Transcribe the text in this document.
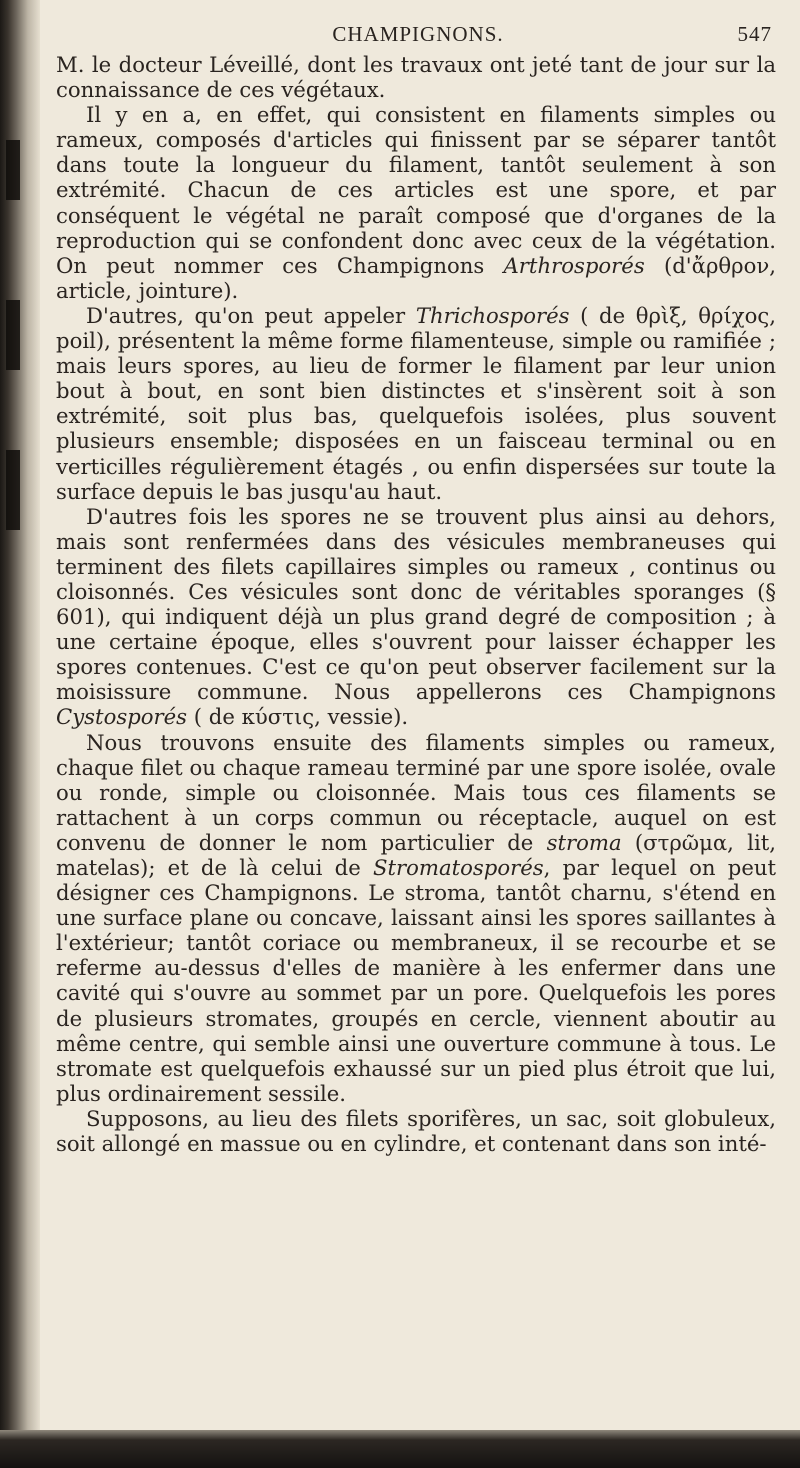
CHAMPIGNONS.	547

M. le docteur Léveillé, dont les travaux ont jeté tant de jour sur la connaissance de ces végétaux.

Il y en a, en effet, qui consistent en filaments simples ou rameux, composés d'articles qui finissent par se séparer tantôt dans toute la longueur du filament, tantôt seulement à son extrémité. Chacun de ces articles est une spore, et par conséquent le végétal ne paraît composé que d'organes de la reproduction qui se confondent donc avec ceux de la végétation. On peut nommer ces Champignons Arthrosporés (d'ἄρθρον, article, jointure).

D'autres, qu'on peut appeler Thrichosporés ( de θρὶξ, θρίχος, poil), présentent la même forme filamenteuse, simple ou ramifiée ; mais leurs spores, au lieu de former le filament par leur union bout à bout, en sont bien distinctes et s'insèrent soit à son extrémité, soit plus bas, quelquefois isolées, plus souvent plusieurs ensemble; disposées en un faisceau terminal ou en verticilles régulièrement étagés , ou enfin dispersées sur toute la surface depuis le bas jusqu'au haut.

D'autres fois les spores ne se trouvent plus ainsi au dehors, mais sont renfermées dans des vésicules membraneuses qui terminent des filets capillaires simples ou rameux , continus ou cloisonnés. Ces vésicules sont donc de véritables sporanges (§ 601), qui indiquent déjà un plus grand degré de composition ; à une certaine époque, elles s'ouvrent pour laisser échapper les spores contenues. C'est ce qu'on peut observer facilement sur la moisissure commune. Nous appellerons ces Champignons Cystosporés ( de κύστις, vessie).

Nous trouvons ensuite des filaments simples ou rameux, chaque filet ou chaque rameau terminé par une spore isolée, ovale ou ronde, simple ou cloisonnée. Mais tous ces filaments se rattachent à un corps commun ou réceptacle, auquel on est convenu de donner le nom particulier de stroma (στρῶμα, lit, matelas); et de là celui de Stromatosporés, par lequel on peut désigner ces Champignons. Le stroma, tantôt charnu, s'étend en une surface plane ou concave, laissant ainsi les spores saillantes à l'extérieur; tantôt coriace ou membraneux, il se recourbe et se referme au-dessus d'elles de manière à les enfermer dans une cavité qui s'ouvre au sommet par un pore. Quelquefois les pores de plusieurs stromates, groupés en cercle, viennent aboutir au même centre, qui semble ainsi une ouverture commune à tous. Le stromate est quelquefois exhaussé sur un pied plus étroit que lui, plus ordinairement sessile.

Supposons, au lieu des filets sporifères, un sac, soit globuleux, soit allongé en massue ou en cylindre, et contenant dans son inté-
